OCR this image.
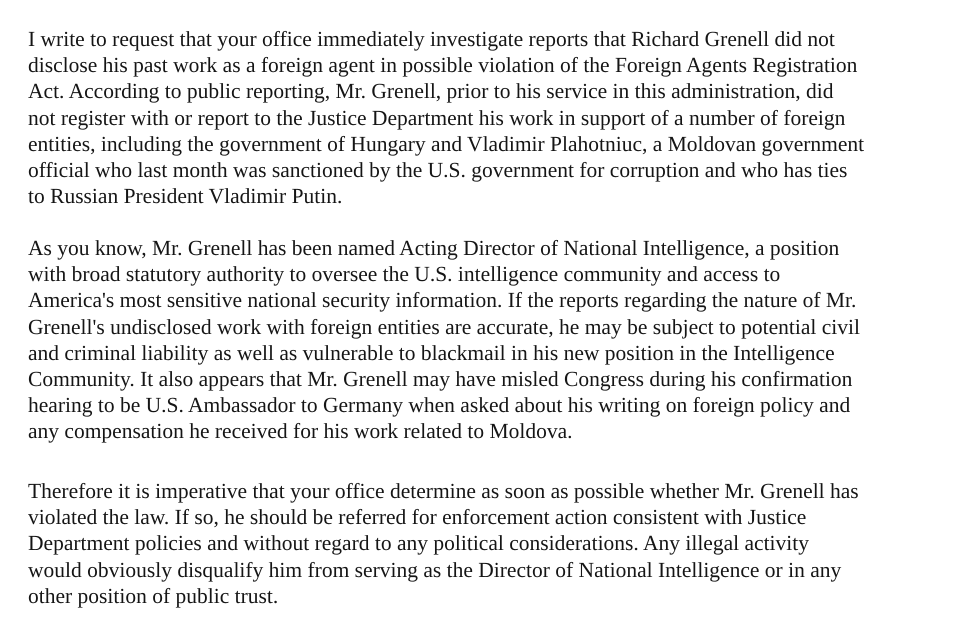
I write to request that your office immediately investigate reports that Richard Grenell did not
disclose his past work as a foreign agent in possible violation of the Foreign Agents Registration
Act. According to public reporting, Mr. Grenell, prior to his service in this administration, did
not register with or report to the Justice Department his work in support of a number of foreign
entities, including the government of Hungary and Vladimir Plahotniuc, a Moldovan government
official who last month was sanctioned by the U.S. government for corruption and who has ties
to Russian President Vladimir Putin.
As you know, Mr. Grenell has been named Acting Director of National Intelligence, a position
with broad statutory authority to oversee the U.S. intelligence community and access to
America's most sensitive national security information. If the reports regarding the nature of Mr.
Grenell's undisclosed work with foreign entities are accurate, he may be subject to potential civil
and criminal liability as well as vulnerable to blackmail in his new position in the Intelligence
Community. It also appears that Mr. Grenell may have misled Congress during his confirmation
hearing to be U.S. Ambassador to Germany when asked about his writing on foreign policy and
any compensation he received for his work related to Moldova.
Therefore it is imperative that your office determine as soon as possible whether Mr. Grenell has
violated the law. If so, he should be referred for enforcement action consistent with Justice
Department policies and without regard to any political considerations. Any illegal activity
would obviously disqualify him from serving as the Director of National Intelligence or in any
other position of public trust.
